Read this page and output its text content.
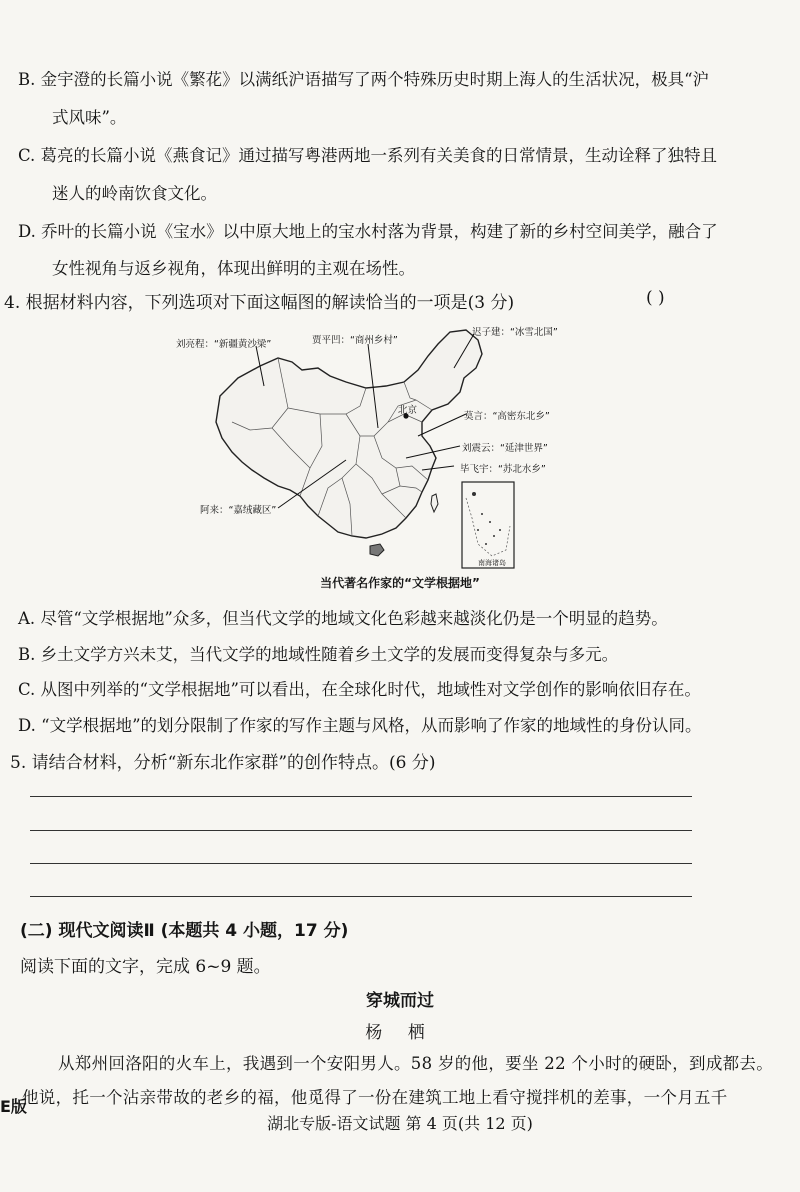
B. 金宇澄的长篇小说《繁花》以满纸沪语描写了两个特殊历史时期上海人的生活状况，极具“沪
式风味”。
C. 葛亮的长篇小说《燕食记》通过描写粤港两地一系列有关美食的日常情景，生动诠释了独特且
迷人的岭南饮食文化。
D. 乔叶的长篇小说《宝水》以中原大地上的宝水村落为背景，构建了新的乡村空间美学，融合了
女性视角与返乡视角，体现出鲜明的主观在场性。
4. 根据材料内容，下列选项对下面这幅图的解读恰当的一项是(3 分)	( )
刘亮程：“新疆黄沙梁”	贾平凹：“商州乡村”
迟子建：“冰雪北国”
北京
莫言：“高密东北乡”
刘震云：“延津世界”
毕飞宇：“苏北水乡”
阿来：“嘉绒藏区”
南海诸岛
当代著名作家的“文学根据地”
A. 尽管“文学根据地”众多，但当代文学的地域文化色彩越来越淡化仍是一个明显的趋势。
B. 乡土文学方兴未艾，当代文学的地域性随着乡土文学的发展而变得复杂与多元。
C. 从图中列举的“文学根据地”可以看出，在全球化时代，地域性对文学创作的影响依旧存在。
D. “文学根据地”的划分限制了作家的写作主题与风格，从而影响了作家的地域性的身份认同。
5. 请结合材料，分析“新东北作家群”的创作特点。(6 分)
(二) 现代文阅读Ⅱ (本题共 4 小题，17 分)
阅读下面的文字，完成 6~9 题。
穿城而过
杨 栖
从郑州回洛阳的火车上，我遇到一个安阳男人。58 岁的他，要坐 22 个小时的硬卧，到成都去。
他说，托一个沾亲带故的老乡的福，他觅得了一份在建筑工地上看守搅拌机的差事，一个月五千
E版
湖北专版-语文试题 第 4 页(共 12 页)
